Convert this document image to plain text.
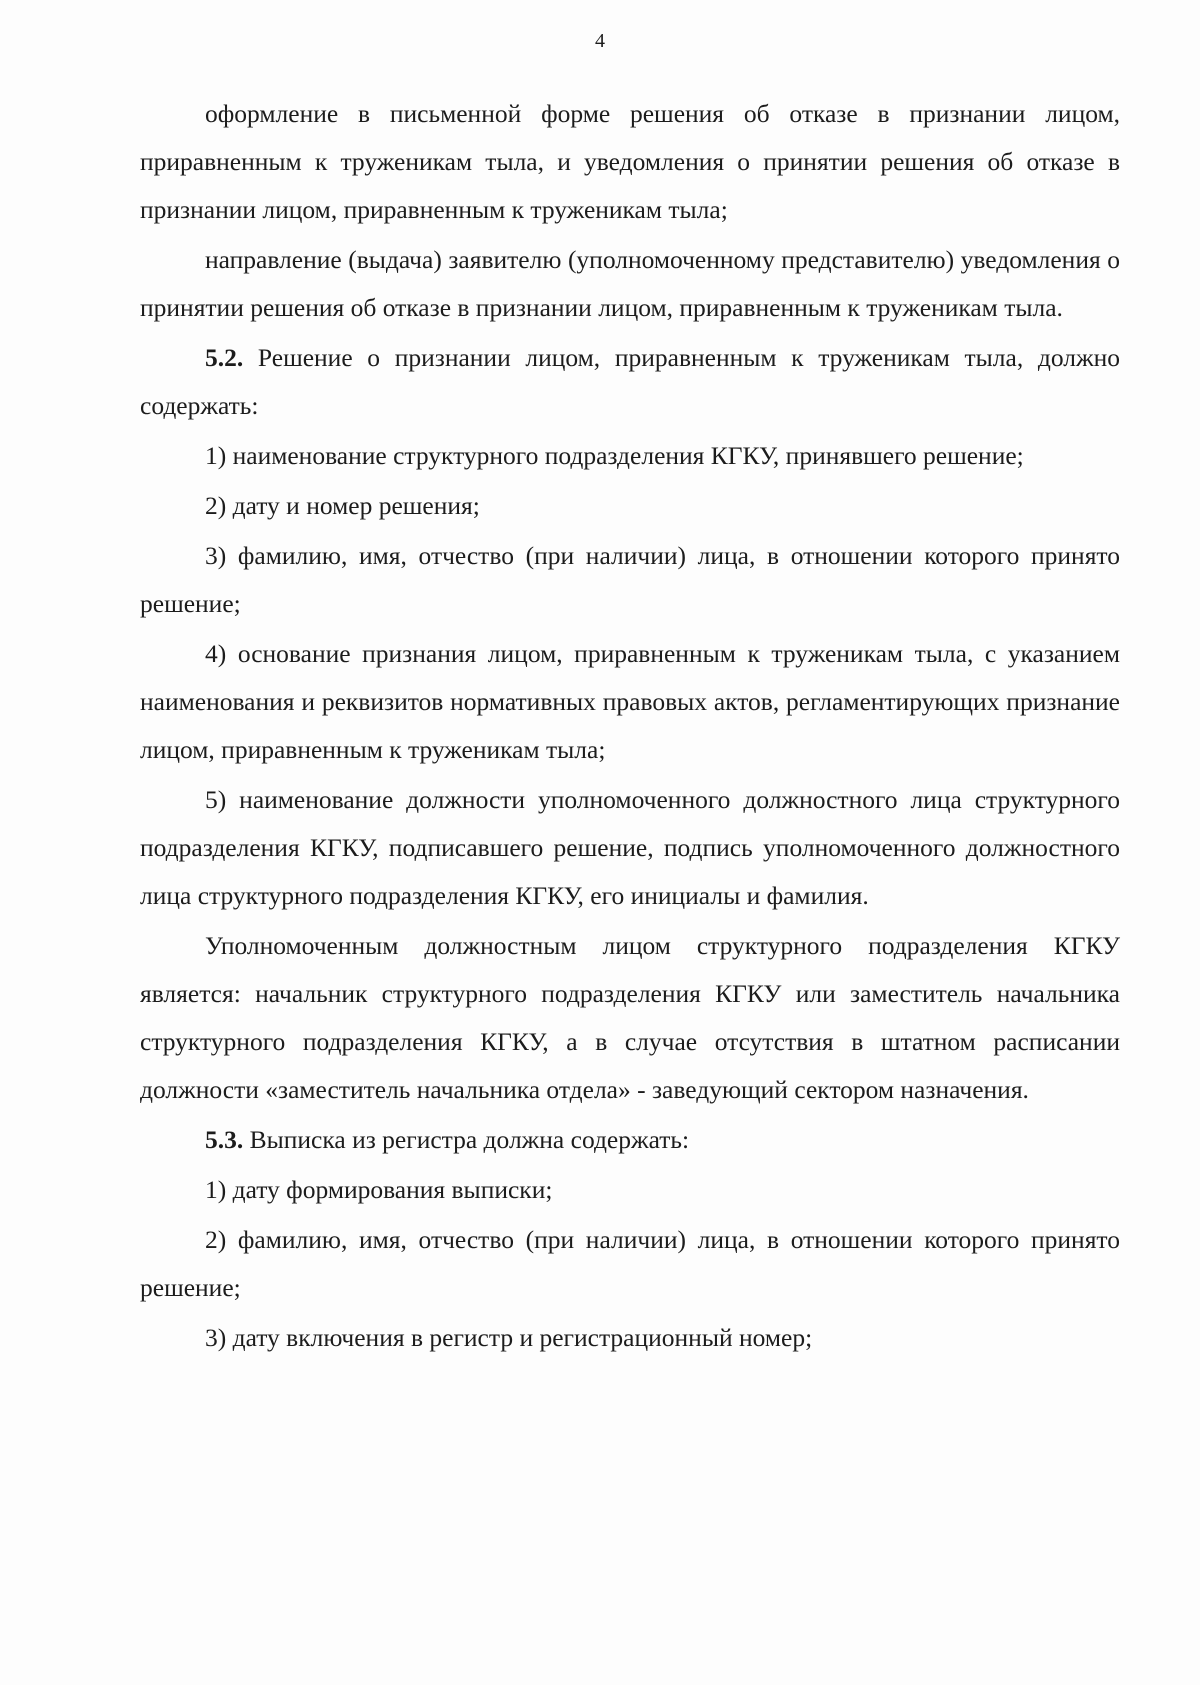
4

оформление в письменной форме решения об отказе в признании лицом, приравненным к труженикам тыла, и уведомления о принятии решения об отказе в признании лицом, приравненным к труженикам тыла;

направление (выдача) заявителю (уполномоченному представителю) уведомления о принятии решения об отказе в признании лицом, приравненным к труженикам тыла.

5.2. Решение о признании лицом, приравненным к труженикам тыла, должно содержать:

1) наименование структурного подразделения КГКУ, принявшего решение;

2) дату и номер решения;

3) фамилию, имя, отчество (при наличии) лица, в отношении которого принято решение;

4) основание признания лицом, приравненным к труженикам тыла, с указанием наименования и реквизитов нормативных правовых актов, регламентирующих признание лицом, приравненным к труженикам тыла;

5) наименование должности уполномоченного должностного лица структурного подразделения КГКУ, подписавшего решение, подпись уполномоченного должностного лица структурного подразделения КГКУ, его инициалы и фамилия.

Уполномоченным должностным лицом структурного подразделения КГКУ является: начальник структурного подразделения КГКУ или заместитель начальника структурного подразделения КГКУ, а в случае отсутствия в штатном расписании должности «заместитель начальника отдела» - заведующий сектором назначения.

5.3. Выписка из регистра должна содержать:

1) дату формирования выписки;

2) фамилию, имя, отчество (при наличии) лица, в отношении которого принято решение;

3) дату включения в регистр и регистрационный номер;
